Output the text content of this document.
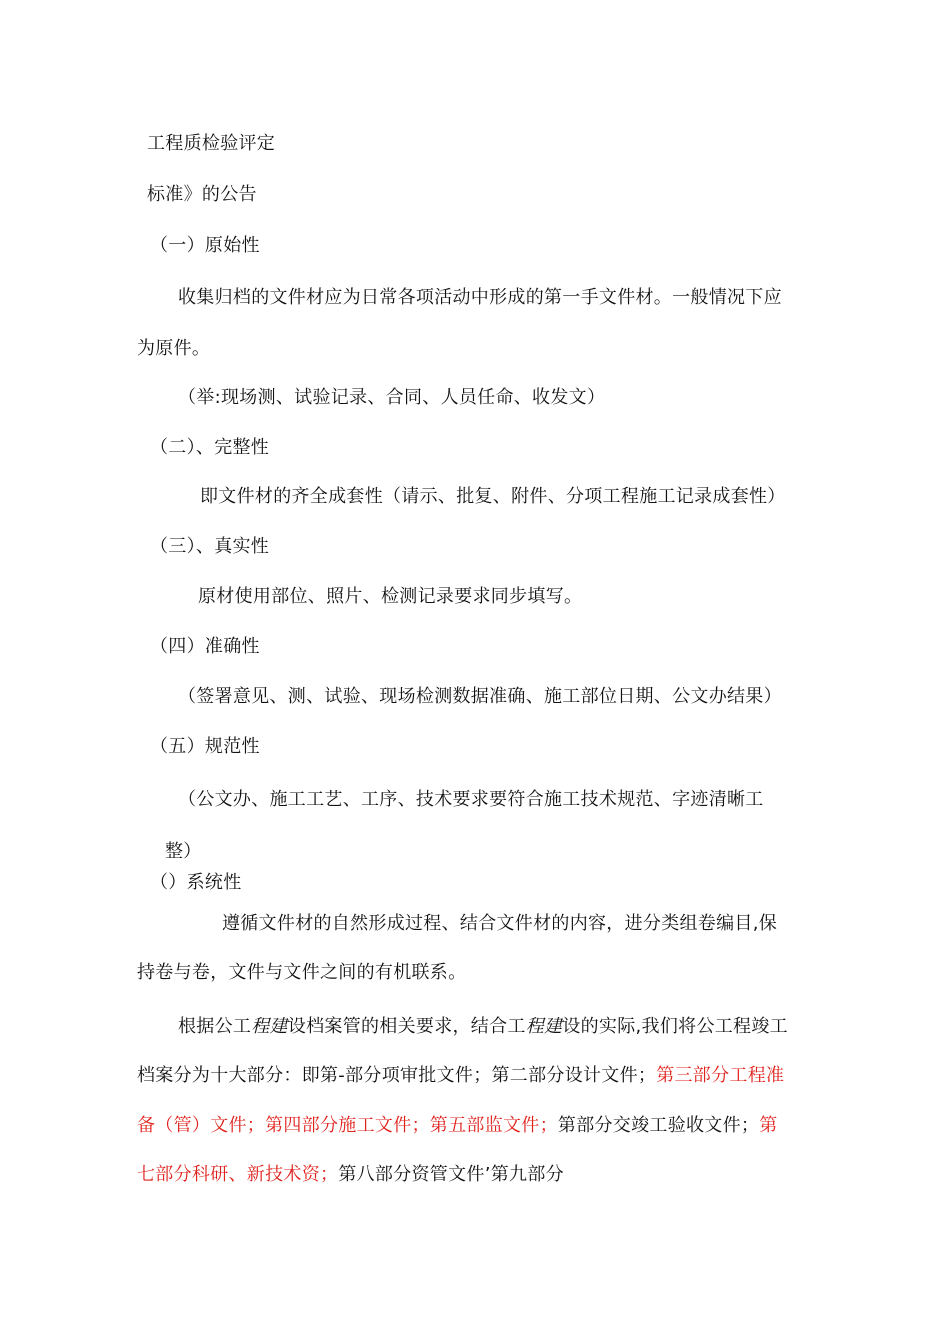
工程质检验评定
标准》的公告
（一）原始性
收集归档的文件材应为日常各项活动中形成的第一手文件材。一般情况下应
为原件。
（举:现场测、试验记录、合同、人员任命、收发文）
（二）、完整性
即文件材的齐全成套性（请示、批复、附件、分项工程施工记录成套性）
（三）、真实性
原材使用部位、照片、检测记录要求同步填写。
（四）准确性
（签署意见、测、试验、现场检测数据准确、施工部位日期、公文办结果）
（五）规范性
（公文办、施工工艺、工序、技术要求要符合施工技术规范、字迹清晰工
整）
（）系统性
遵循文件材的自然形成过程、结合文件材的内容，进分类组卷编目,保
持卷与卷，文件与文件之间的有机联系。
根据公工程建设档案管的相关要求，结合工程建设的实际,我们将公工程竣工
档案分为十大部分：即第-部分项审批文件；第二部分设计文件；第三部分工程准
备（管）文件；第四部分施工文件；第五部监文件；第部分交竣工验收文件；第
七部分科研、新技术资；第八部分资管文件’第九部分
